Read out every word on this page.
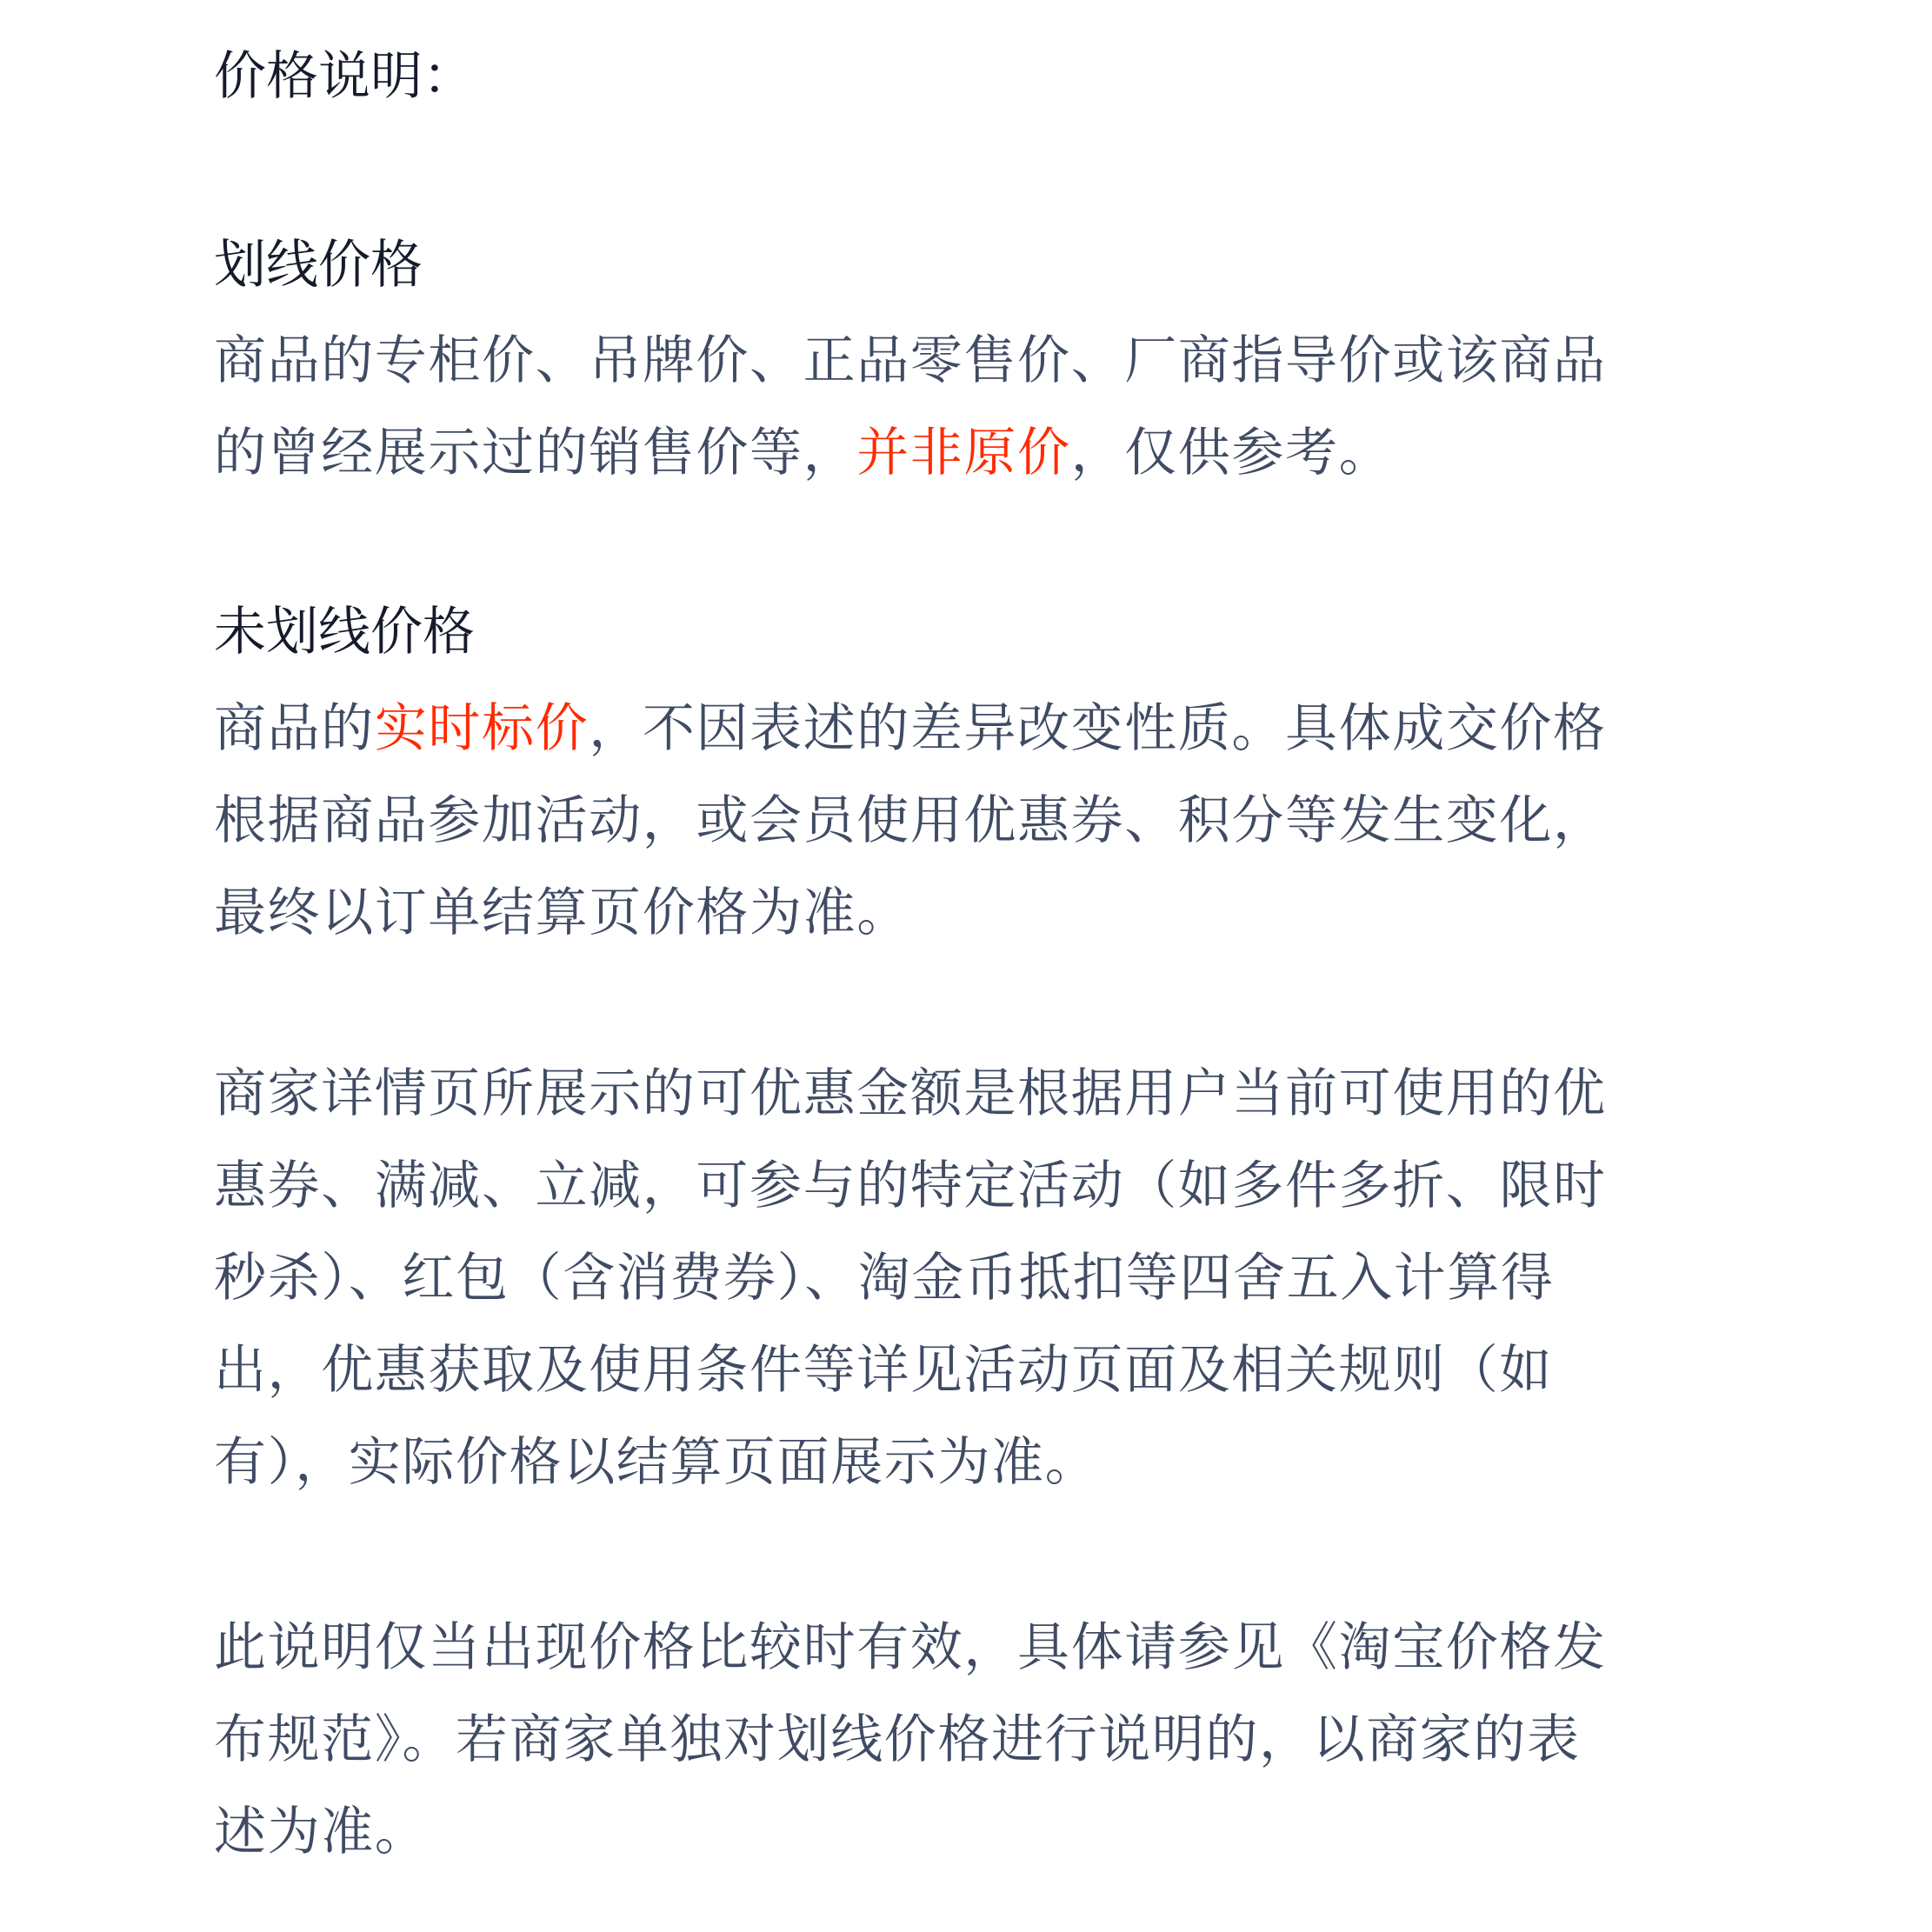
价格说明：
划线价格
商品的专柜价、吊牌价、正品零售价、厂商指导价或该商品
的曾经展示过的销售价等，并非原价，仅供参考。
未划线价格
商品的实时标价，不因表述的差异改变性质。具体成交价格
根据商品参加活动，或会员使用优惠券、积分等发生变化，
最终以订单结算页价格为准。
商家详情页所展示的可优惠金额是根据用户当前可使用的优
惠券、满减、立减，可参与的特定活动（如多件多折、限时
秒杀）、红包（含消费券）、淘金币抵扣等四舍五入计算得
出，优惠获取及使用条件等详见活动页面及相关规则（如
有），实际价格以结算页面展示为准。
此说明仅当出现价格比较时有效，具体请参见《淘宝价格发
布规范》。若商家单独对划线价格进行说明的，以商家的表
述为准。
